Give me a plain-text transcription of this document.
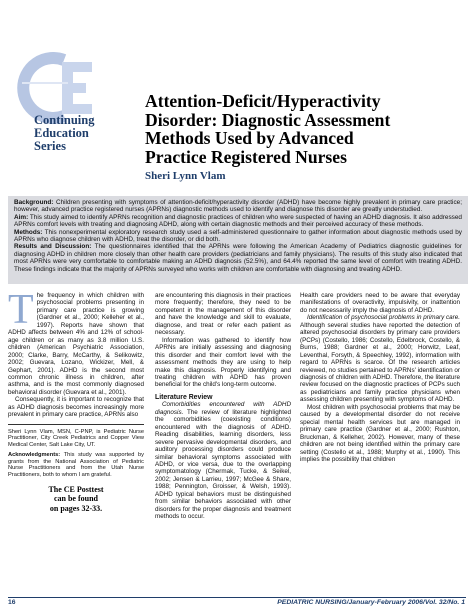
Continuing
Education
Series
Attention-Deficit/Hyperactivity
Disorder: Diagnostic Assessment
Methods Used by Advanced
Practice Registered Nurses
Sheri Lynn Vlam

Background: Children presenting with symptoms of attention-deficit/hyperactivity disorder (ADHD) have become highly prevalent in primary care practice; however, advanced practice registered nurses (APRNs) diagnostic methods used to identify and diagnose this disorder are greatly understudied.

Aim: This study aimed to identify APRNs recognition and diagnostic practices of children who were suspected of having an ADHD diagnosis. It also addressed APRNs comfort levels with treating and diagnosing ADHD, along with certain diagnostic methods and their perceived accuracy of these methods.

Methods: This nonexperimental exploratory research study used a self-administered questionnaire to gather information about diagnostic methods used by APRNs who diagnose children with ADHD, treat the disorder, or did both.

Results and Discussion: The questionnaires identified that the APRNs were following the American Academy of Pediatrics diagnostic guidelines for diagnosing ADHD in children more closely than other health care providers (pediatricians and family physicians). The results of this study also indicated that most APRNs were very comfortable to comfortable making an ADHD diagnosis (52.5%), and 64.4% reported the same level of comfort with treating ADHD. These findings indicate that the majority of APRNs surveyed who works with children are comfortable with diagnosing and treating ADHD.

The frequency in which children with psychosocial problems presenting in primary care practice is growing (Gardner et al., 2000; Kelleher et al., 1997). Reports have shown that ADHD affects between 4% and 12% of school-age children or as many as 3.8 million U.S. children (American Psychiatric Association, 2000; Clarke, Barry, McCarthy, & Selikowitz, 2002; Guevara, Lozano, Wickizer, Mell, & Gephart, 2001). ADHD is the second most common chronic illness in children, after asthma, and is the most commonly diagnosed behavioral disorder (Guevara et al., 2001).

Consequently, it is important to recognize that as ADHD diagnosis becomes increasingly more prevalent in primary care practice, APRNs also

Sheri Lynn Vlam, MSN, C-PNP, is Pediatric Nurse Practitioner, City Creek Pediatrics and Copper View Medical Center, Salt Lake City, UT.

Acknowledgments: This study was supported by grants from the National Association of Pediatric Nurse Practitioners and from the Utah Nurse Practitioners, both to whom I am grateful.

The CE Posttest
can be found
on pages 32-33.

are encountering this diagnosis in their practices more frequently; therefore, they need to be competent in the management of this disorder and have the knowledge and skill to evaluate, diagnose, and treat or refer each patient as necessary.

Information was gathered to identify how APRNs are initially assessing and diagnosing this disorder and their comfort level with the assessment methods they are using to help make this diagnosis. Properly identifying and treating children with ADHD has proven beneficial for the child's long-term outcome.

Literature Review

Comorbidities encountered with ADHD diagnosis. The review of literature highlighted the comorbidities (coexisting conditions) encountered with the diagnosis of ADHD. Reading disabilities, learning disorders, less severe pervasive developmental disorders, and auditory processing disorders could produce similar behavioral symptoms associated with ADHD, or vice versa, due to the overlapping symptomatology (Chermak, Tucke, & Seikel, 2002; Jensen & Larrieu, 1997; McGee & Share, 1988; Pennington, Groisser, & Welsh, 1993). ADHD typical behaviors must be distinguished from similar behaviors associated with other disorders for the proper diagnosis and treatment methods to occur.

Health care providers need to be aware that everyday manifestations of overactivity, impulsivity, or inattention do not necessarily imply the diagnosis of ADHD.

Identification of psychosocial problems in primary care. Although several studies have reported the detection of altered psychosocial disorders by primary care providers (PCPs) (Costello, 1986; Costello, Edelbrock, Costello, & Burns, 1988; Gardner et al., 2000; Horwitz, Leaf, Leventhal, Forsyth, & Speechley, 1992), information with regard to APRNs is scarce. Of the research articles reviewed, no studies pertained to APRNs' identification or diagnosis of children with ADHD. Therefore, the literature review focused on the diagnostic practices of PCPs such as pediatricians and family practice physicians when assessing children presenting with symptoms of ADHD.

Most children with psychosocial problems that may be caused by a developmental disorder do not receive special mental health services but are managed in primary care practice (Gardner et al., 2000; Rushton, Bruckman, & Kelleher, 2002). However, many of these children are not being identified within the primary care setting (Costello et al., 1988; Murphy et al., 1990). This implies the possibility that children

16	PEDIATRIC NURSING/January-February 2006/Vol. 32/No. 1
